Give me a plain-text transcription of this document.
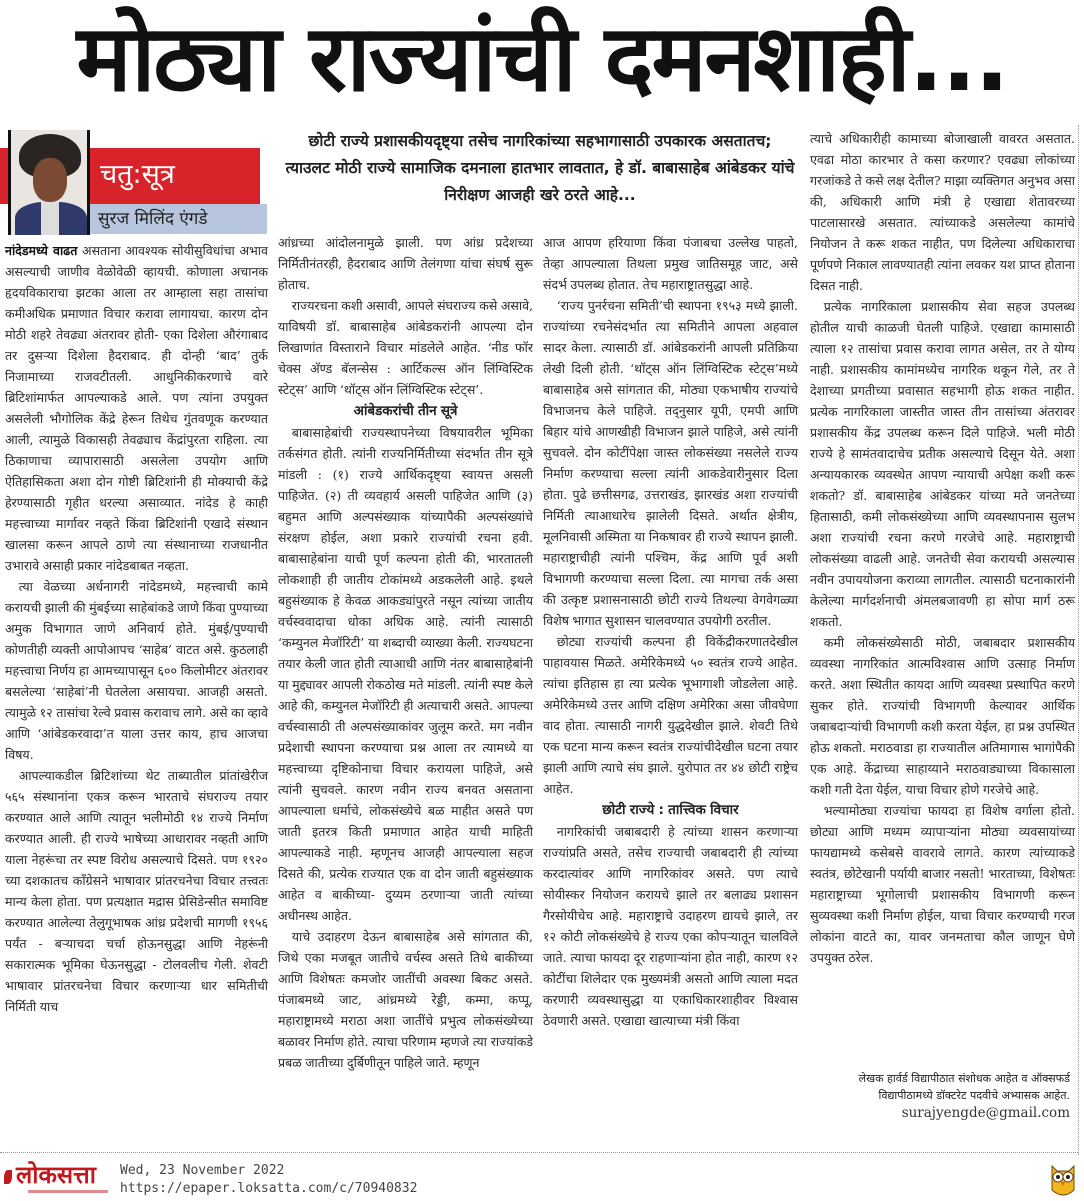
मोठ्या राज्यांची दमनशाही...
चतु:सूत्र
सुरज मिलिंद एंगडे
छोटी राज्ये प्रशासकीयदृष्ट्या तसेच नागरिकांच्या सहभागासाठी उपकारक असतातच; त्याउलट मोठी राज्ये सामाजिक दमनाला हातभार लावतात, हे डॉ. बाबासाहेब आंबेडकर यांचे निरीक्षण आजही खरे ठरते आहे...

नांदेडमध्ये वाढत असताना आवश्यक सोयीसुविधांचा अभाव असल्याची जाणीव वेळोवेळी व्हायची. कोणाला अचानक हृदयविकाराचा झटका आला तर आम्हाला सहा तासांचा कमीअधिक प्रमाणात विचार करावा लागायचा. कारण दोन मोठी शहरे तेवढ्या अंतरावर होती- एका दिशेला औरंगाबाद तर दुसऱ्या दिशेला हैदराबाद. ही दोन्ही ‘बाद’ तुर्क निजामाच्या राजवटीतली. आधुनिकीकरणाचे वारे ब्रिटिशांमार्फत आपल्याकडे आले. पण त्यांना उपयुक्त असलेली भौगोलिक केंद्रे हेरून तिथेच गुंतवणूक करण्यात आली, त्यामुळे विकासही तेवढ्याच केंद्रांपुरता राहिला. त्या ठिकाणाचा व्यापारासाठी असलेला उपयोग आणि ऐतिहासिकता अशा दोन गोष्टी ब्रिटिशांनी ही मोक्याची केंद्रे हेरण्यासाठी गृहीत धरल्या असाव्यात. नांदेड हे काही महत्त्वाच्या मार्गावर नव्हते किंवा ब्रिटिशांनी एखादे संस्थान खालसा करून आपले ठाणे त्या संस्थानाच्या राजधानीत उभारावे असाही प्रकार नांदेडबाबत नव्हता.

त्या वेळच्या अर्धनागरी नांदेडमध्ये, महत्त्वाची कामे करायची झाली की मुंबईच्या साहेबांकडे जाणे किंवा पुण्याच्या अमुक विभागात जाणे अनिवार्य होते. मुंबई/पुण्याची कोणतीही व्यक्ती आपोआपच ‘साहेब’ वाटत असे. कुठलाही महत्त्वाचा निर्णय हा आमच्यापासून ६०० किलोमीटर अंतरावर बसलेल्या ‘साहेबां’नी घेतलेला असायचा. आजही असतो. त्यामुळे १२ तासांचा रेल्वे प्रवास करावाच लागे. असे का व्हावे आणि ‘आंबेडकरवादा’त याला उत्तर काय, हाच आजचा विषय.

आपल्याकडील ब्रिटिशांच्या थेट ताब्यातील प्रांतांखेरीज ५६५ संस्थानांना एकत्र करून भारताचे संघराज्य तयार करण्यात आले आणि त्यातून भलीमोठी १४ राज्ये निर्माण करण्यात आली. ही राज्ये भाषेच्या आधारावर नव्हती आणि याला नेहरूंचा तर स्पष्ट विरोध असल्याचे दिसते. पण १९२० च्या दशकातच काँग्रेसने भाषावार प्रांतरचनेचा विचार तत्त्वतः मान्य केला होता. पण प्रत्यक्षात मद्रास प्रेसिडेन्सीत समाविष्ट करण्यात आलेल्या तेलुगूभाषक आंध्र प्रदेशची मागणी १९५६ पर्यंत - बऱ्याचदा चर्चा होऊनसुद्धा आणि नेहरूंनी सकारात्मक भूमिका घेऊनसुद्धा - टोलवलीच गेली. शेवटी भाषावार प्रांतरचनेचा विचार करणाऱ्या धार समितीची निर्मिती याच

आंध्रच्या आंदोलनामुळे झाली. पण आंध्र प्रदेशच्या निर्मितीनंतरही, हैदराबाद आणि तेलंगणा यांचा संघर्ष सुरू होताच.

राज्यरचना कशी असावी, आपले संघराज्य कसे असावे, याविषयी डॉ. बाबासाहेब आंबेडकरांनी आपल्या दोन लिखाणांत विस्ताराने विचार मांडलेले आहेत. ‘नीड फॉर चेक्स अ‍ॅण्ड बॅलन्सेस : आर्टिकल्स ऑन लिंग्विस्टिक स्टेट्स’ आणि ‘थॉट्स ऑन लिंग्विस्टिक स्टेट्स’.

आंबेडकरांची तीन सूत्रे

बाबासाहेबांची राज्यस्थापनेच्या विषयावरील भूमिका तर्कसंगत होती. त्यांनी राज्यनिर्मितीच्या संदर्भात तीन सूत्रे मांडली : (१) राज्ये आर्थिकदृष्ट्या स्वायत्त असली पाहिजेत. (२) ती व्यवहार्य असली पाहिजेत आणि (३) बहुमत आणि अल्पसंख्याक यांच्यापैकी अल्पसंख्यांचे संरक्षण होईल, अशा प्रकारे राज्यांची रचना हवी. बाबासाहेबांना याची पूर्ण कल्पना होती की, भारतातली लोकशाही ही जातीय टोकांमध्ये अडकलेली आहे. इथले बहुसंख्याक हे केवळ आकड्यांपुरते नसून त्यांच्या जातीय वर्चस्ववादाचा धोका अधिक आहे. त्यांनी त्यासाठी ‘कम्युनल मेजॉरिटी’ या शब्दाची व्याख्या केली. राज्यघटना तयार केली जात होती त्याआधी आणि नंतर बाबासाहेबांनी या मुद्द्यावर आपली रोकठोख मते मांडली. त्यांनी स्पष्ट केले आहे की, कम्युनल मेजॉरिटी ही अत्याचारी असते. आपल्या वर्चस्वासाठी ती अल्पसंख्याकांवर जुलूम करते. मग नवीन प्रदेशाची स्थापना करण्याचा प्रश्न आला तर त्यामध्ये या महत्त्वाच्या दृष्टिकोनाचा विचार करायला पाहिजे, असे त्यांनी सुचवले. कारण नवीन राज्य बनवत असताना आपल्याला धर्माचे, लोकसंख्येचे बळ माहीत असते पण जाती इतरत्र किती प्रमाणात आहेत याची माहिती आपल्याकडे नाही. म्हणूनच आजही आपल्याला सहज दिसते की, प्रत्येक राज्यात एक वा दोन जाती बहुसंख्याक आहेत व बाकीच्या- दुय्यम ठरणाऱ्या जाती त्यांच्या अधीनस्थ आहेत.

याचे उदाहरण देऊन बाबासाहेब असे सांगतात की, जिथे एका मजबूत जातीचे वर्चस्व असते तिथे बाकीच्या आणि विशेषतः कमजोर जातींची अवस्था बिकट असते. पंजाबमध्ये जाट, आंध्रमध्ये रेड्डी, कम्मा, कप्पू, महाराष्ट्रामध्ये मराठा अशा जातींचे प्रभुत्व लोकसंख्येच्या बळावर निर्माण होते. त्याचा परिणाम म्हणजे त्या राज्यांकडे प्रबळ जातीच्या दुर्बिणीतून पाहिले जाते. म्हणून

आज आपण हरियाणा किंवा पंजाबचा उल्लेख पाहतो, तेव्हा आपल्याला तिथला प्रमुख जातिसमूह जाट, असे संदर्भ उपलब्ध होतात. तेच महाराष्ट्रातसुद्धा आहे.

‘राज्य पुनर्रचना समिती’ची स्थापना १९५३ मध्ये झाली. राज्यांच्या रचनेसंदर्भात त्या समितीने आपला अहवाल सादर केला. त्यासाठी डॉ. आंबेडकरांनी आपली प्रतिक्रिया लेखी दिली होती. ‘थॉट्स ऑन लिंग्विस्टिक स्टेट्स’मध्ये बाबासाहेब असे सांगतात की, मोठ्या एकभाषीय राज्यांचे विभाजनच केले पाहिजे. तद्नुसार यूपी, एमपी आणि बिहार यांचे आणखीही विभाजन झाले पाहिजे, असे त्यांनी सुचवले. दोन कोटींपेक्षा जास्त लोकसंख्या नसलेले राज्य निर्माण करण्याचा सल्ला त्यांनी आकडेवारीनुसार दिला होता. पुढे छत्तीसगढ, उत्तराखंड, झारखंड अशा राज्यांची निर्मिती त्याआधारेच झालेली दिसते. अर्थात क्षेत्रीय, मूलनिवासी अस्मिता या निकषावर ही राज्ये स्थापन झाली. महाराष्ट्राचीही त्यांनी पश्चिम, केंद्र आणि पूर्व अशी विभागणी करण्याचा सल्ला दिला. त्या मागचा तर्क असा की उत्कृष्ट प्रशासनासाठी छोटी राज्ये तिथल्या वेगवेगळ्या विशेष भागात सुशासन चालवण्यात उपयोगी ठरतील.

छोट्या राज्यांची कल्पना ही विकेंद्रीकरणातदेखील पाहावयास मिळते. अमेरिकेमध्ये ५० स्वतंत्र राज्ये आहेत. त्यांचा इतिहास हा त्या प्रत्येक भूभागाशी जोडलेला आहे. अमेरिकेमध्ये उत्तर आणि दक्षिण अमेरिका असा जीवघेणा वाद होता. त्यासाठी नागरी युद्धदेखील झाले. शेवटी तिथे एक घटना मान्य करून स्वतंत्र राज्यांचीदेखील घटना तयार झाली आणि त्याचे संघ झाले. युरोपात तर ४४ छोटी राष्ट्रेच आहेत.

छोटी राज्ये : तात्त्विक विचार

नागरिकांची जबाबदारी हे त्यांच्या शासन करणाऱ्या राज्यांप्रति असते, तसेच राज्याची जबाबदारी ही त्यांच्या करदात्यांवर आणि नागरिकांवर असते. पण त्याचे सोयीस्कर नियोजन करायचे झाले तर बलाढ्य प्रशासन गैरसोयीचेच आहे. महाराष्ट्राचे उदाहरण द्यायचे झाले, तर १२ कोटी लोकसंख्येचे हे राज्य एका कोपऱ्यातून चालविले जाते. त्याचा फायदा दूर राहणाऱ्यांना होत नाही, कारण १२ कोटींचा शिलेदार एक मुख्यमंत्री असतो आणि त्याला मदत करणारी व्यवस्थासुद्धा या एकाधिकारशाहीवर विश्वास ठेवणारी असते. एखाद्या खात्याच्या मंत्री किंवा

त्याचे अधिकारीही कामाच्या बोजाखाली वावरत असतात. एवढा मोठा कारभार ते कसा करणार? एवढ्या लोकांच्या गरजांकडे ते कसे लक्ष देतील? माझा व्यक्तिगत अनुभव असा की, अधिकारी आणि मंत्री हे एखाद्या शेतावरच्या पाटलासारखे असतात. त्यांच्याकडे असलेल्या कामांचे नियोजन ते करू शकत नाहीत, पण दिलेल्या अधिकाराचा पूर्णपणे निकाल लावण्यातही त्यांना लवकर यश प्राप्त होताना दिसत नाही.

प्रत्येक नागरिकाला प्रशासकीय सेवा सहज उपलब्ध होतील याची काळजी घेतली पाहिजे. एखाद्या कामासाठी त्याला १२ तासांचा प्रवास करावा लागत असेल, तर ते योग्य नाही. प्रशासकीय कामांमध्येच नागरिक थकून गेले, तर ते देशाच्या प्रगतीच्या प्रवासात सहभागी होऊ शकत नाहीत. प्रत्येक नागरिकाला जास्तीत जास्त तीन तासांच्या अंतरावर प्रशासकीय केंद्र उपलब्ध करून दिले पाहिजे. भली मोठी राज्ये हे सामंतवादाचेच प्रतीक असल्याचे दिसून येते. अशा अन्यायकारक व्यवस्थेत आपण न्यायाची अपेक्षा कशी करू शकतो? डॉ. बाबासाहेब आंबेडकर यांच्या मते जनतेच्या हितासाठी, कमी लोकसंख्येच्या आणि व्यवस्थापनास सुलभ अशा राज्यांची रचना करणे गरजेचे आहे. महाराष्ट्राची लोकसंख्या वाढली आहे. जनतेची सेवा करायची असल्यास नवीन उपाययोजना कराव्या लागतील. त्यासाठी घटनाकारांनी केलेल्या मार्गदर्शनाची अंमलबजावणी हा सोपा मार्ग ठरू शकतो.

कमी लोकसंख्येसाठी मोठी, जबाबदार प्रशासकीय व्यवस्था नागरिकांत आत्मविश्वास आणि उत्साह निर्माण करते. अशा स्थितीत कायदा आणि व्यवस्था प्रस्थापित करणे सुकर होते. राज्यांची विभागणी केल्यावर आर्थिक जबाबदाऱ्यांची विभागणी कशी करता येईल, हा प्रश्न उपस्थित होऊ शकतो. मराठवाडा हा राज्यातील अतिमागास भागांपैकी एक आहे. केंद्राच्या साहाय्याने मराठवाड्याच्या विकासाला कशी गती देता येईल, याचा विचार होणे गरजेचे आहे.

भल्यामोठ्या राज्यांचा फायदा हा विशेष वर्गाला होतो. छोट्या आणि मध्यम व्यापाऱ्यांना मोठ्या व्यवसायांच्या फायद्यामध्ये कसेबसे वावरावे लागते. कारण त्यांच्याकडे स्वतंत्र, छोटेखानी पर्यायी बाजार नसतो! भारताच्या, विशेषतः महाराष्ट्राच्या भूगोलाची प्रशासकीय विभागणी करून सुव्यवस्था कशी निर्माण होईल, याचा विचार करण्याची गरज लोकांना वाटते का, यावर जनमताचा कौल जाणून घेणे उपयुक्त ठरेल.

लेखक हार्वर्ड विद्यापीठात संशोधक आहेत व ऑक्सफर्ड विद्यापीठामध्ये डॉक्टरेट पदवीचे अभ्यासक आहेत.
surajyengde@gmail.com
लोकसत्ता Wed, 23 November 2022
https://epaper.loksatta.com/c/70940832
